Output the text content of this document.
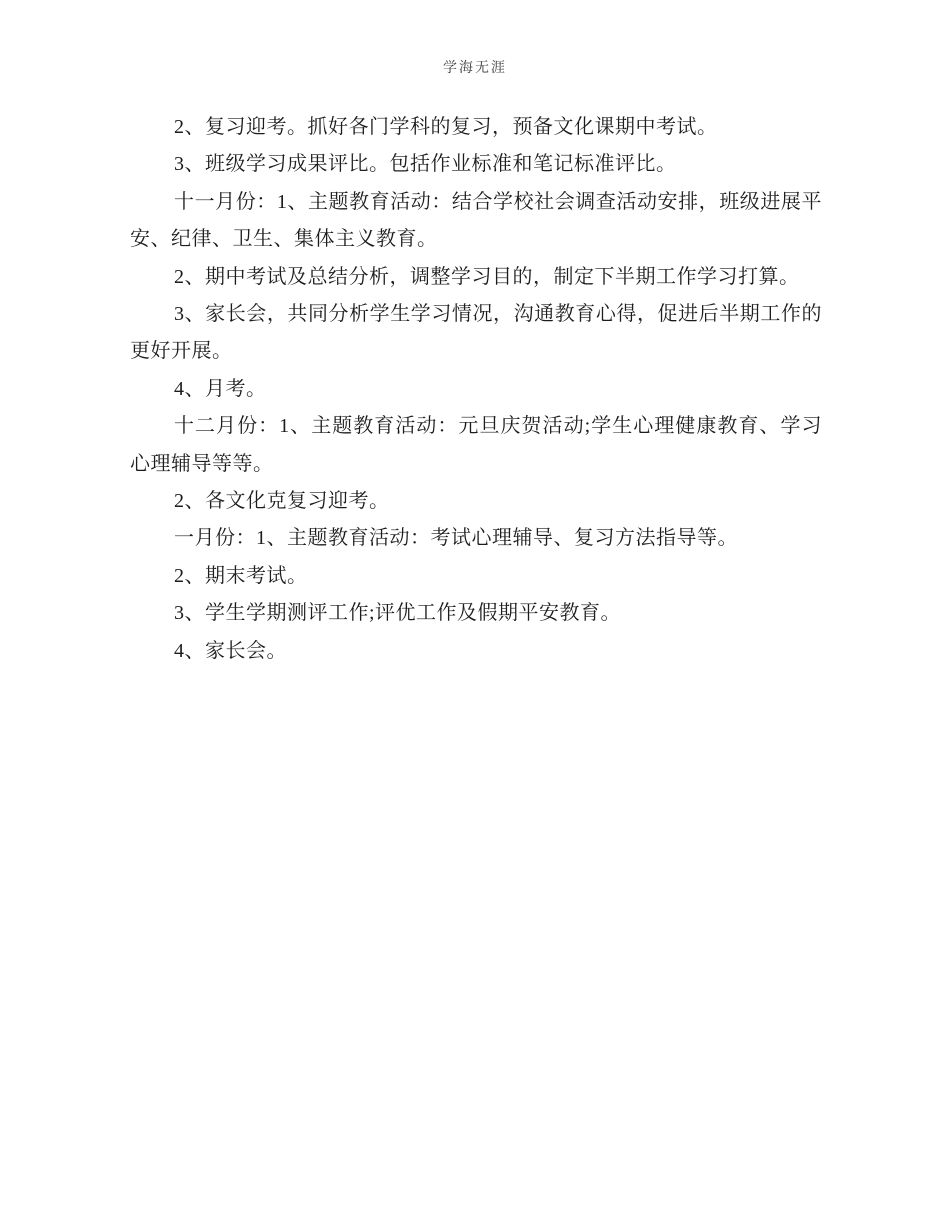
学海无涯

2、复习迎考。抓好各门学科的复习，预备文化课期中考试。

3、班级学习成果评比。包括作业标准和笔记标准评比。

十一月份：1、主题教育活动：结合学校社会调查活动安排，班级进展平安、纪律、卫生、集体主义教育。

2、期中考试及总结分析，调整学习目的，制定下半期工作学习打算。

3、家长会，共同分析学生学习情况，沟通教育心得，促进后半期工作的更好开展。

4、月考。

十二月份：1、主题教育活动：元旦庆贺活动;学生心理健康教育、学习心理辅导等等。

2、各文化克复习迎考。

一月份：1、主题教育活动：考试心理辅导、复习方法指导等。

2、期末考试。

3、学生学期测评工作;评优工作及假期平安教育。

4、家长会。
